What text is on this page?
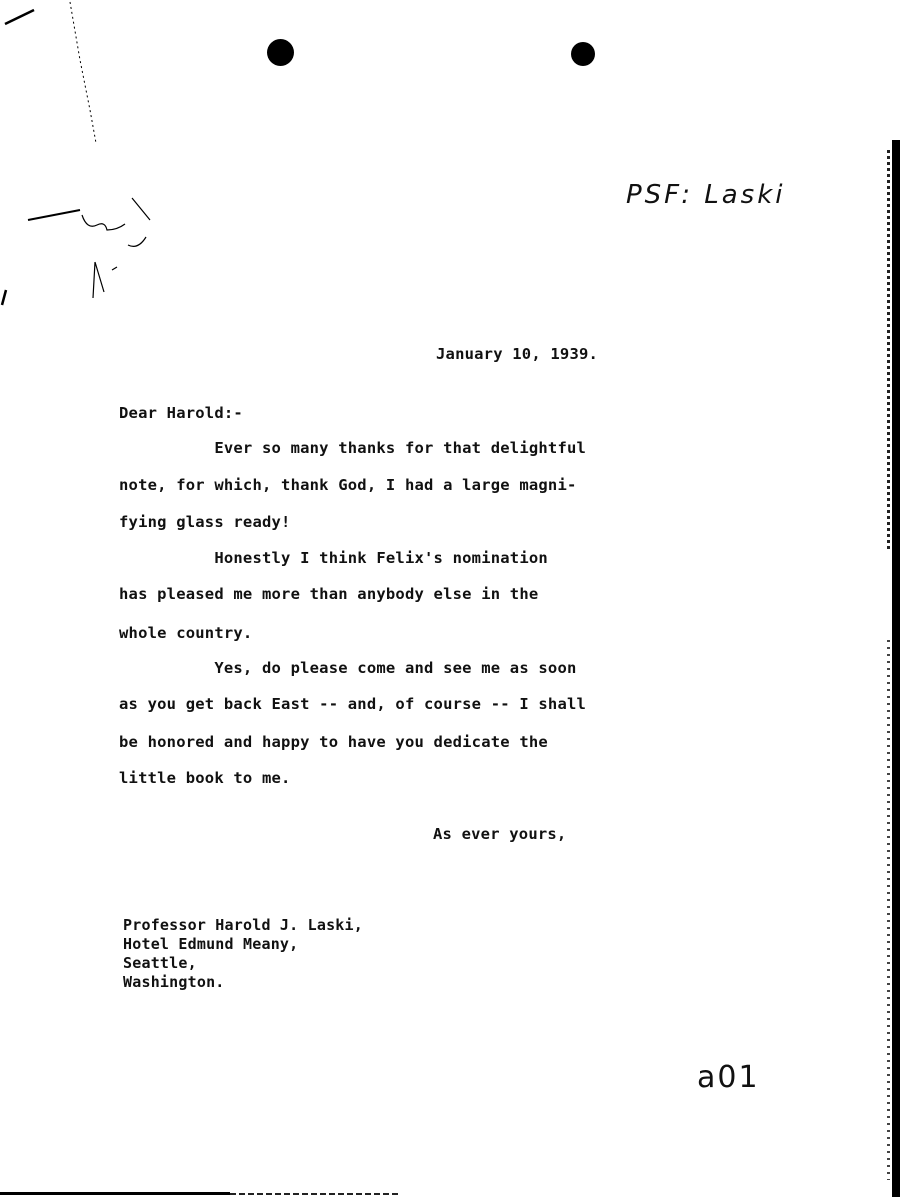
PSF: Laski
January 10, 1939.
Dear Harold:-
Ever so many thanks for that delightful
note, for which, thank God, I had a large magni-
fying glass ready!
Honestly I think Felix's nomination
has pleased me more than anybody else in the
whole country.
Yes, do please come and see me as soon
as you get back East -- and, of course -- I shall
be honored and happy to have you dedicate the
little book to me.
As ever yours,
Professor Harold J. Laski,
Hotel Edmund Meany,
Seattle,
Washington.
a01
